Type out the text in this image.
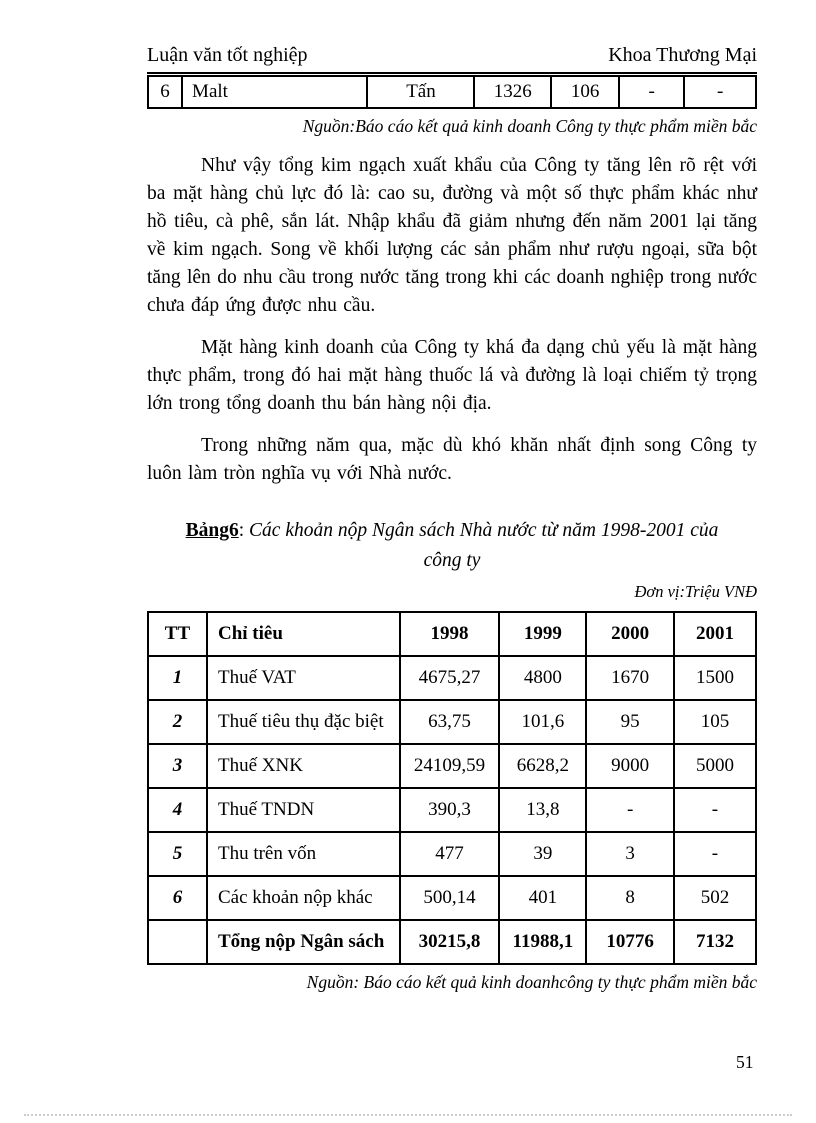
Luận văn tốt nghiệp	Khoa Thương Mại
6	Malt	Tấn	1326	106	-	-
Nguồn:Báo cáo kết quả kinh doanh Công ty thực phẩm miền bắc

Như vậy tổng kim ngạch xuất khẩu của Công ty tăng lên rõ rệt với ba mặt hàng chủ lực đó là: cao su, đường và một số thực phẩm khác như hồ tiêu, cà phê, sắn lát. Nhập khẩu đã giảm nhưng đến năm 2001 lại tăng về kim ngạch. Song về khối lượng các sản phẩm như rượu ngoại, sữa bột tăng lên do nhu cầu trong nước tăng trong khi các doanh nghiệp trong nước chưa đáp ứng được nhu cầu.

Mặt hàng kinh doanh của Công ty khá đa dạng chủ yếu là mặt hàng thực phẩm, trong đó hai mặt hàng thuốc lá và đường là loại chiếm tỷ trọng lớn trong tổng doanh thu bán hàng nội địa.

Trong những năm qua, mặc dù khó khăn nhất định song Công ty luôn làm tròn nghĩa vụ với Nhà nước.

Bảng6: Các khoản nộp Ngân sách Nhà nước từ năm 1998-2001 của công ty
Đơn vị:Triệu VNĐ
TT	Chỉ tiêu	1998	1999	2000	2001
1	Thuế VAT	4675,27	4800	1670	1500
2	Thuế tiêu thụ đặc biệt	63,75	101,6	95	105
3	Thuế XNK	24109,59	6628,2	9000	5000
4	Thuế TNDN	390,3	13,8	-	-
5	Thu trên vốn	477	39	3	-
6	Các khoản nộp khác	500,14	401	8	502
	Tổng nộp Ngân sách	30215,8	11988,1	10776	7132
Nguồn: Báo cáo kết quả kinh doanhcông ty thực phẩm miền bắc
51
